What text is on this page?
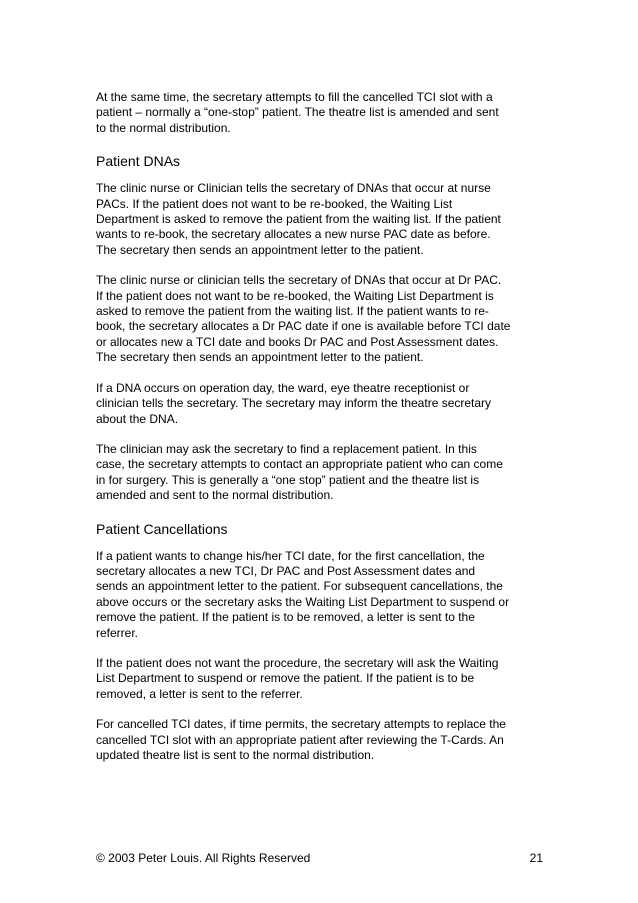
At the same time, the secretary attempts to fill the cancelled TCI slot with a
patient – normally a “one-stop” patient. The theatre list is amended and sent
to the normal distribution.

Patient DNAs

The clinic nurse or Clinician tells the secretary of DNAs that occur at nurse
PACs. If the patient does not want to be re-booked, the Waiting List
Department is asked to remove the patient from the waiting list. If the patient
wants to re-book, the secretary allocates a new nurse PAC date as before.
The secretary then sends an appointment letter to the patient.

The clinic nurse or clinician tells the secretary of DNAs that occur at Dr PAC.
If the patient does not want to be re-booked, the Waiting List Department is
asked to remove the patient from the waiting list. If the patient wants to re-
book, the secretary allocates a Dr PAC date if one is available before TCI date
or allocates new a TCI date and books Dr PAC and Post Assessment dates.
The secretary then sends an appointment letter to the patient.

If a DNA occurs on operation day, the ward, eye theatre receptionist or
clinician tells the secretary. The secretary may inform the theatre secretary
about the DNA.

The clinician may ask the secretary to find a replacement patient. In this
case, the secretary attempts to contact an appropriate patient who can come
in for surgery. This is generally a “one stop” patient and the theatre list is
amended and sent to the normal distribution.

Patient Cancellations

If a patient wants to change his/her TCI date, for the first cancellation, the
secretary allocates a new TCI, Dr PAC and Post Assessment dates and
sends an appointment letter to the patient. For subsequent cancellations, the
above occurs or the secretary asks the Waiting List Department to suspend or
remove the patient. If the patient is to be removed, a letter is sent to the
referrer.

If the patient does not want the procedure, the secretary will ask the Waiting
List Department to suspend or remove the patient. If the patient is to be
removed, a letter is sent to the referrer.

For cancelled TCI dates, if time permits, the secretary attempts to replace the
cancelled TCI slot with an appropriate patient after reviewing the T-Cards. An
updated theatre list is sent to the normal distribution.

© 2003 Peter Louis. All Rights Reserved	21
